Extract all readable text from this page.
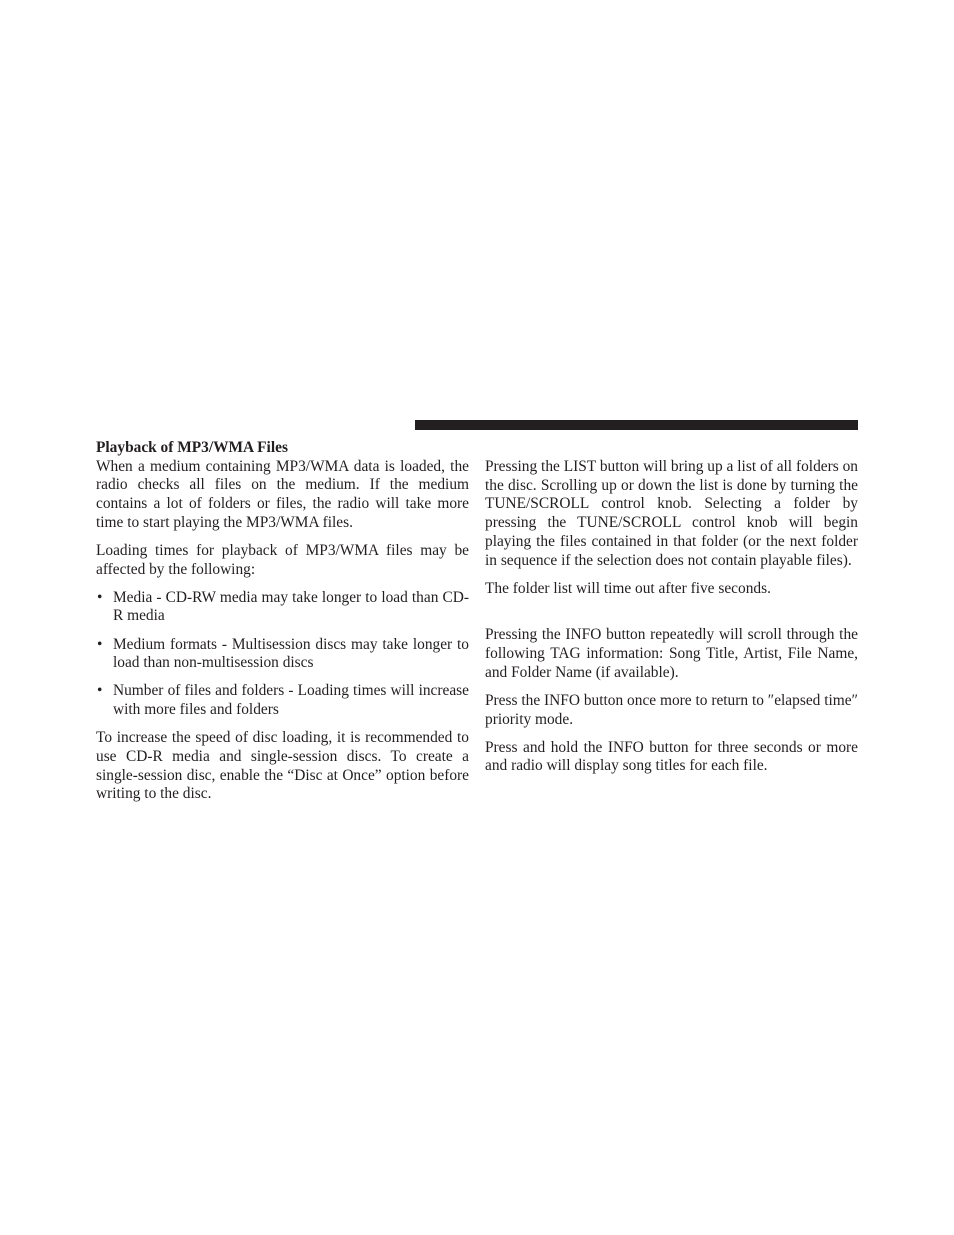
Playback of MP3/WMA Files

When a medium containing MP3/WMA data is loaded, the radio checks all files on the medium. If the medium contains a lot of folders or files, the radio will take more time to start playing the MP3/WMA files.

Loading times for playback of MP3/WMA files may be affected by the following:

• Media - CD-RW media may take longer to load than CD-R media
• Medium formats - Multisession discs may take longer to load than non-multisession discs
• Number of files and folders - Loading times will increase with more files and folders

To increase the speed of disc loading, it is recommended to use CD-R media and single-session discs. To create a single-session disc, enable the “Disc at Once” option before writing to the disc.

Pressing the LIST button will bring up a list of all folders on the disc. Scrolling up or down the list is done by turning the TUNE/SCROLL control knob. Selecting a folder by pressing the TUNE/SCROLL control knob will begin playing the files contained in that folder (or the next folder in sequence if the selection does not contain playable files).

The folder list will time out after five seconds.

Pressing the INFO button repeatedly will scroll through the following TAG information: Song Title, Artist, File Name, and Folder Name (if available).

Press the INFO button once more to return to ″elapsed time″ priority mode.

Press and hold the INFO button for three seconds or more and radio will display song titles for each file.
